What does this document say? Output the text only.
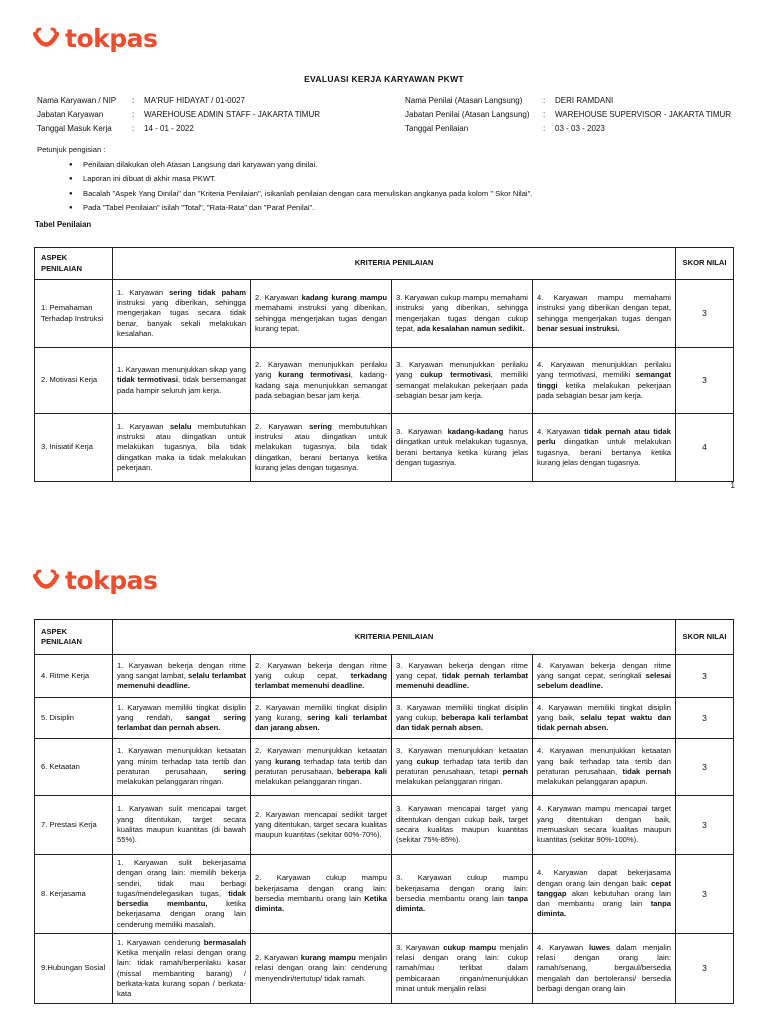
tokpas
EVALUASI KERJA KARYAWAN PKWT
Nama Karyawan / NIP	:	MA'RUF HIDAYAT / 01-0027
Jabatan Karyawan	:	WAREHOUSE ADMIN STAFF - JAKARTA TIMUR
Tanggal Masuk Kerja	:	14 - 01 - 2022
Nama Penilai (Atasan Langsung)	:	DERI RAMDANI
Jabatan Penilai (Atasan Langsung)	:	WAREHOUSE SUPERVISOR - JAKARTA TIMUR
Tanggal Penilaian	:	03 - 03 - 2023
Petunjuk pengisian :
● Penilaian dilakukan oleh Atasan Langsung dari karyawan yang dinilai.
● Laporan ini dibuat di akhir masa PKWT.
● Bacalah "Aspek Yang Dinilai" dan "Kriteria Penilaian", isikanlah penilaian dengan cara menuliskan angkanya pada kolom " Skor Nilai".
● Pada "Tabel Penilaian" isilah "Total", "Rata-Rata" dan "Paraf Penilai".
Tabel Penilaian
ASPEK PENILAIAN	KRITERIA PENILAIAN				SKOR NILAI
1. Pemahaman Terhadap Instruksi	1. Karyawan sering tidak paham instruksi yang diberikan, sehingga mengerjakan tugas secara tidak benar, banyak sekali melakukan kesalahan.	2. Karyawan kadang kurang mampu memahami instruksi yang diberikan, sehingga mengerjakan tugas dengan kurang tepat.	3. Karyawan cukup mampu memahami instruksi yang diberikan, sehingga mengerjakan tugas dengan cukup tepat, ada kesalahan namun sedikit.	4. Karyawan mampu memahami instruksi yang diberikan dengan tepat, sehingga mengerjakan tugas dengan benar sesuai instruksi.	3
2. Motivasi Kerja	1. Karyawan menunjukkan sikap yang tidak termotivasi, tidak bersemangat pada hampir seluruh jam kerja.	2. Karyawan menunjukkan perilaku yang kurang termotivasi, kadang-kadang saja menunjukkan semangat pada sebagian besar jam kerja.	3. Karyawan menunjukkan perilaku yang cukup termotivasi, memiliki semangat melakukan pekerjaan pada sebagian besar jam kerja.	4. Karyawan menunjukkan perilaku yang termotivasi, memiliki semangat tinggi ketika melakukan pekerjaan pada sebagian besar jam kerja.	3
3. Inisiatif Kerja	1. Karyawan selalu membutuhkan instruksi atau diingatkan untuk melakukan tugasnya, bila tidak diingatkan maka ia tidak melakukan pekerjaan.	2. Karyawan sering membutuhkan instruksi atau diingatkan untuk melakukan tugasnya, bila tidak diingatkan, berani bertanya ketika kurang jelas dengan tugasnya.	3. Karyawan kadang-kadang harus diingatkan untuk melakukan tugasnya, berani bertanya ketika kurang jelas dengan tugasnya.	4. Karyawan tidak pernah atau tidak perlu diingatkan untuk melakukan tugasnya, berani bertanya ketika kurang jelas dengan tugasnya.	4
1
tokpas
ASPEK PENILAIAN	KRITERIA PENILAIAN				SKOR NILAI
4. Ritme Kerja	1. Karyawan bekerja dengan ritme yang sangat lambat, selalu terlambat memenuhi deadline.	2. Karyawan bekerja dengan ritme yang cukup cepat, terkadang terlambat memenuhi deadline.	3. Karyawan bekerja dengan ritme yang cepat, tidak pernah terlambat memenuhi deadline.	4. Karyawan bekerja dengan ritme yang sangat cepat, seringkali selesai sebelum deadline.	3
5. Disiplin	1. Karyawan memiliki tingkat disiplin yang rendah, sangat sering terlambat dan pernah absen.	2. Karyawan memiliki tingkat disiplin yang kurang, sering kali terlambat dan jarang absen.	3. Karyawan memiliki tingkat disiplin yang cukup, beberapa kali terlambat dan tidak pernah absen.	4. Karyawan memiliki tingkat disiplin yang baik, selalu tepat waktu dan tidak pernah absen.	3
6. Ketaatan	1. Karyawan menunjukkan ketaatan yang minim terhadap tata tertib dan peraturan perusahaan, sering melakukan pelanggaran ringan.	2. Karyawan menunjukkan ketaatan yang kurang terhadap tata tertib dan peraturan perusahaan, beberapa kali melakukan pelanggaran ringan.	3. Karyawan menunjukkan ketaatan yang cukup terhadap tata tertib dan peraturan perusahaan, tetapi pernah melakukan pelanggaran ringan.	4. Karyawan menunjukkan ketaatan yang baik terhadap tata tertib dan peraturan perusahaan, tidak pernah melakukan pelanggaran apapun.	3
7. Prestasi Kerja	1. Karyawan sulit mencapai target yang ditentukan, target secara kualitas maupun kuantitas (di bawah 55%).	2. Karyawan mencapai sedikit target yang ditentukan, target secara kualitas maupun kuantitas (sekitar 60%-70%).	3. Karyawan mencapai target yang ditentukan dengan cukup baik, target secara kualitas maupun kuantitas (sekitar 75%-85%).	4. Karyawan mampu mencapai target yang ditentukan dengan baik, memuaskan secara kualitas maupun kuantitas (sekitar 90%-100%).	3
8. Kerjasama	1. Karyawan sulit bekerjasama dengan orang lain: memilih bekerja sendiri, tidak mau berbagi tugas/mendelegasikan tugas, tidak bersedia membantu, ketika bekerjasama dengan orang lain cenderung memiliki masalah.	2. Karyawan cukup mampu bekerjasama dengan orang lain: bersedia membantu orang lain Ketika diminta.	3. Karyawan cukup mampu bekerjasama dengan orang lain: bersedia membantu orang lain tanpa diminta.	4. Karyawan dapat bekerjasama dengan orang lain dengan baik: cepat tanggap akan kebutuhan orang lain dan membantu orang lain tanpa diminta.	3
9.Hubungan Sosial	1. Karyawan cenderung bermasalah Ketika menjalin relasi dengan orang lain: tidak ramah/berperilaku kasar (missal membanting barang) / berkata-kata kurang sopan / berkata-kata	2. Karyawan kurang mampu menjalin relasi dengan orang lain: cenderung menyendiri/tertutup/ tidak ramah.	3. Karyawan cukup mampu menjalin relasi dengan orang lain: cukup ramah/mau terlibat dalam pembicaraan ringan/menunjukkan minat untuk menjalin relasi	4. Karyawan luwes dalam menjalin relasi dengan orang lain: ramah/senang, bergaul/bersedia mengalah dan bertoleransi/ bersedia berbagi dengan orang lain	3
